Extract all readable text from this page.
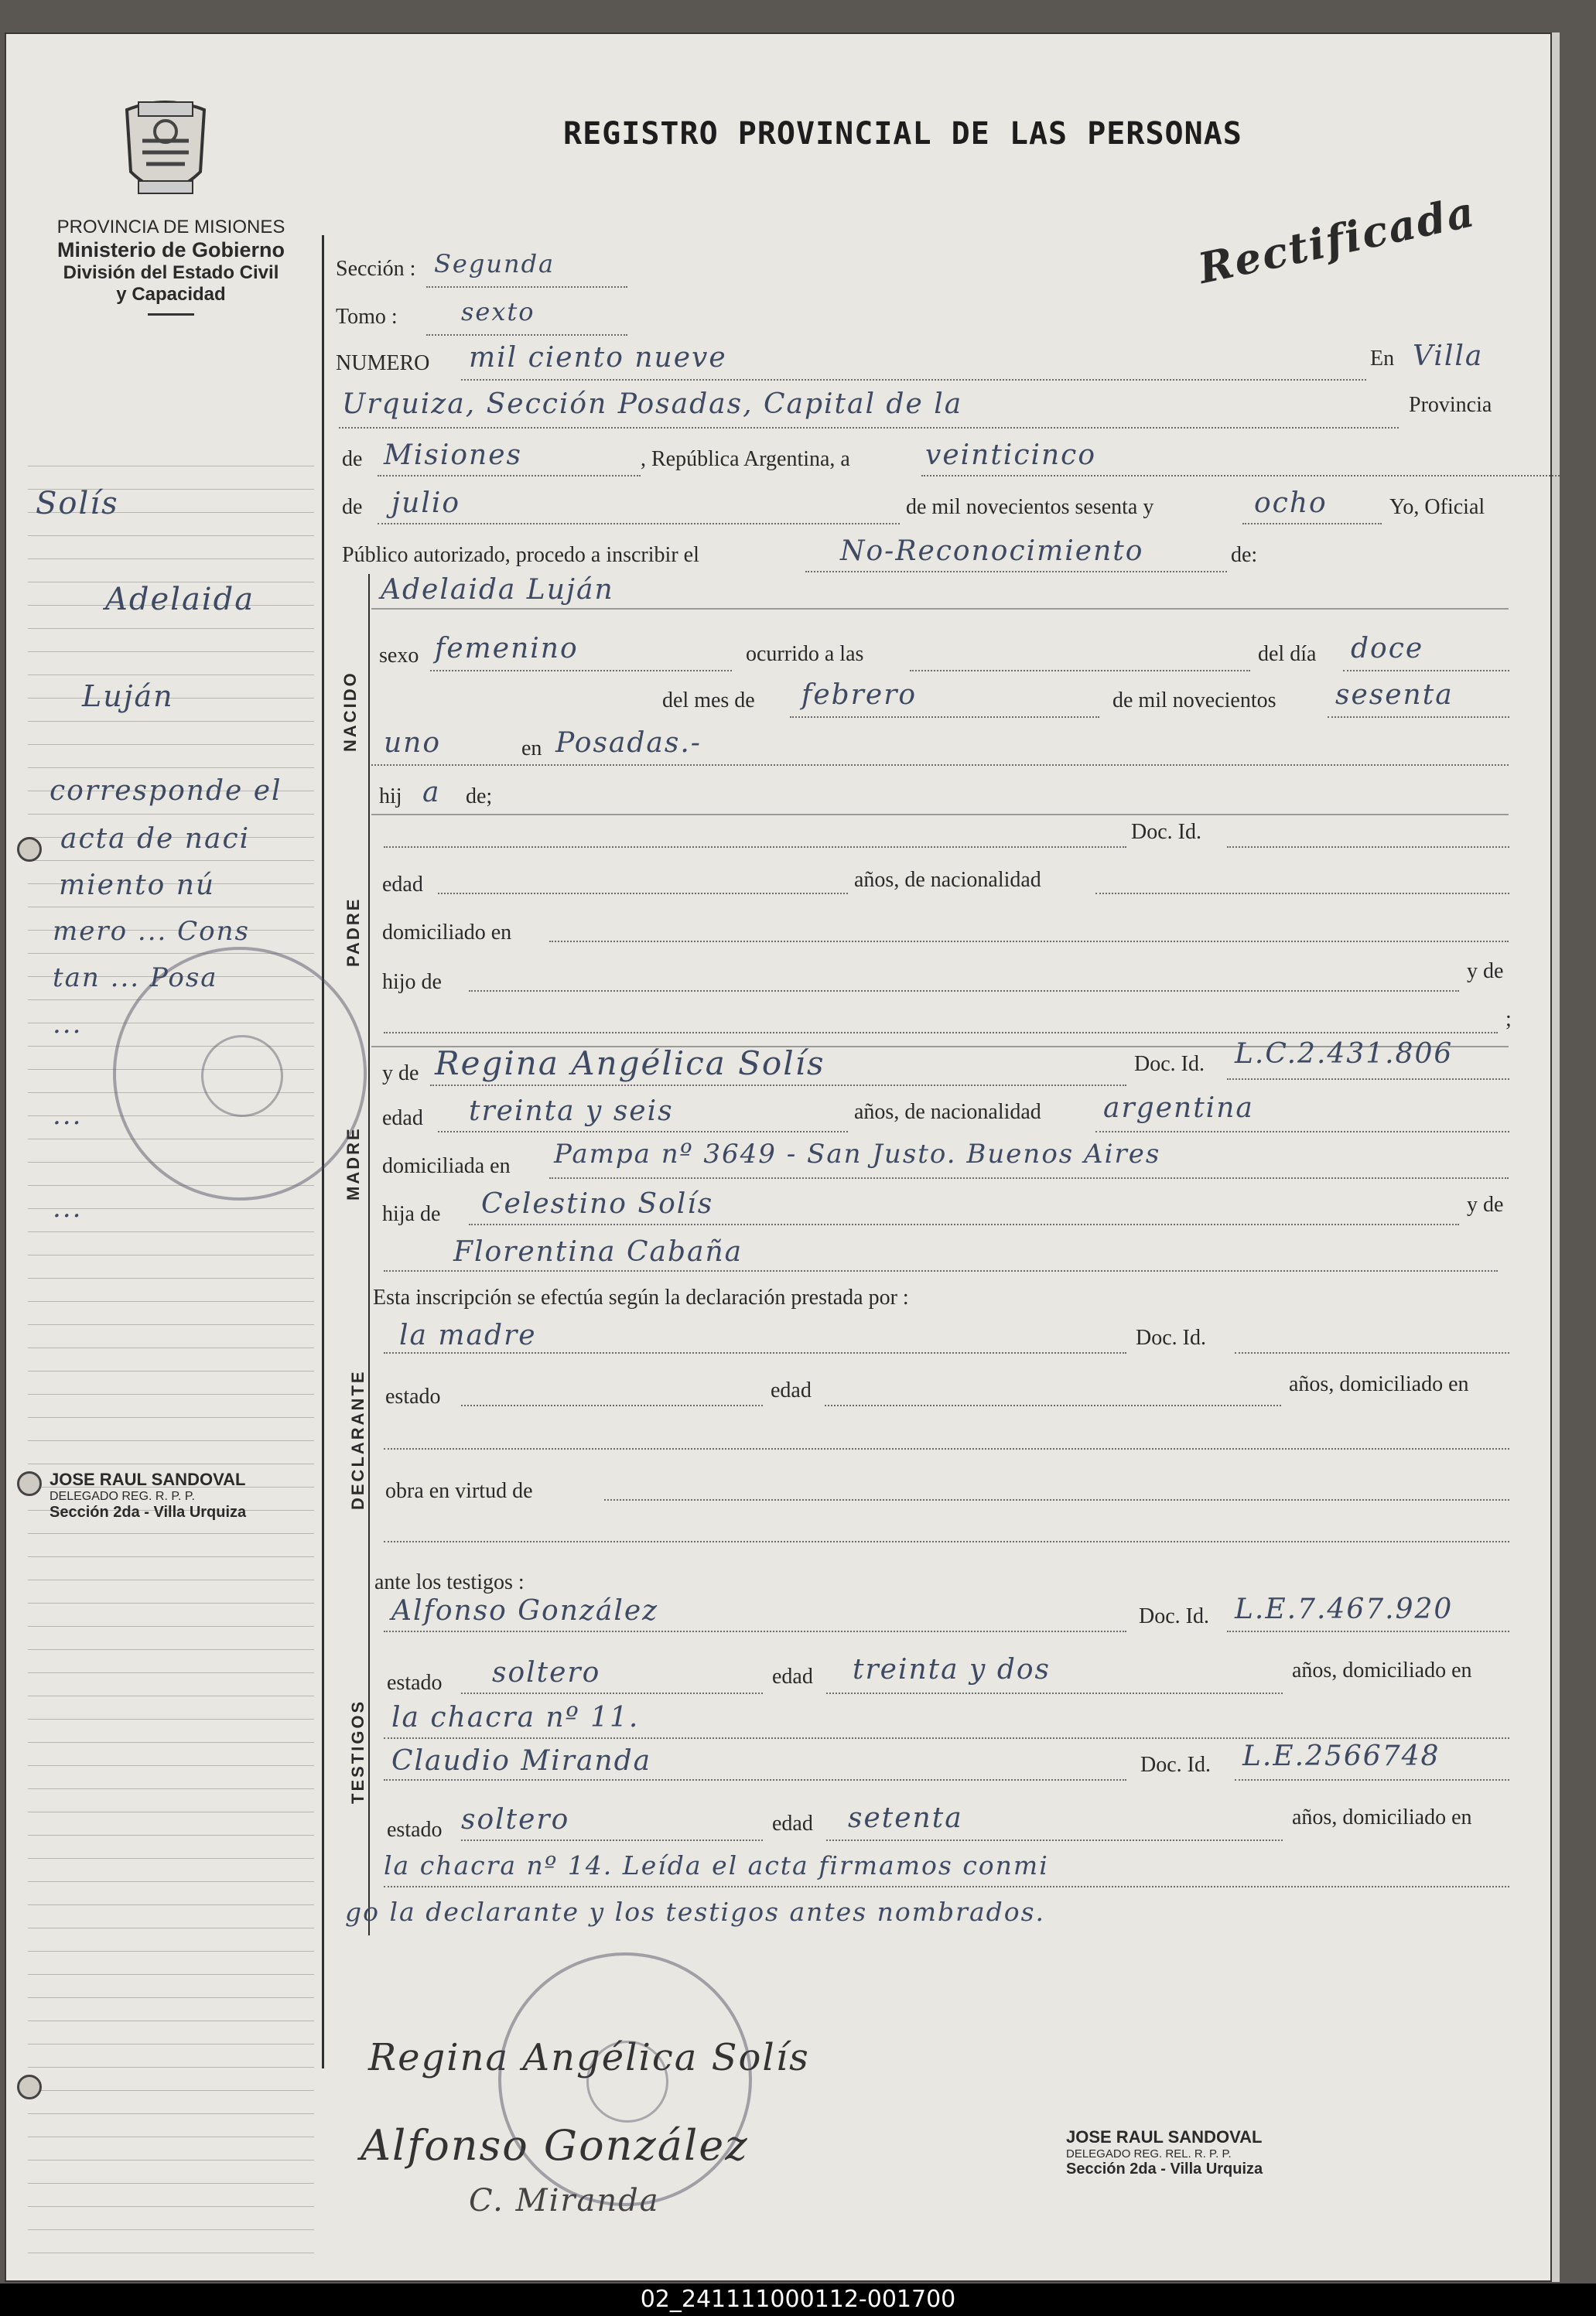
PROVINCIA DE MISIONES
Ministerio de Gobierno
División del Estado Civil
y Capacidad
REGISTRO PROVINCIAL DE LAS PERSONAS
Rectificada
Sección : Segunda
Tomo :	sexto
NUMERO mil ciento nueve	En Villa
Urquiza, Sección Posadas, Capital de la	Provincia
de Misiones	, República Argentina, a	veinticinco
de julio	de mil novecientos sesenta y	ocho	Yo, Oficial
Público autorizado, procedo a inscribir el	No-Reconocimiento	de:
NACIDO
Adelaida Luján
sexo femenino	ocurrido a las	del día doce
del mes de febrero	de mil novecientos sesenta
uno	en Posadas.-
hij a de;
PADRE
Doc. Id.
edad	años, de nacionalidad
domiciliado en
hijo de	y de
;
MADRE
y de Regina Angélica Solís	Doc. Id. L.C.2.431.806
edad treinta y seis	años, de nacionalidad argentina
domiciliada en Pampa nº 3649 - San Justo. Buenos Aires
hija de Celestino Solís	y de
Florentina Cabaña
Esta inscripción se efectúa según la declaración prestada por :
DECLARANTE
la madre	Doc. Id.
estado	edad	años, domiciliado en
obra en virtud de
ante los testigos :
TESTIGOS
Alfonso González	Doc. Id. L.E.7.467.920
estado soltero	edad treinta y dos	años, domiciliado en
la chacra nº 11.
Claudio Miranda	Doc. Id. L.E.2566748
estado soltero	edad setenta	años, domiciliado en
la chacra nº 14. Leída el acta firmamos conmi
go la declarante y los testigos antes nombrados.
Regina Angélica Solís
Alfonso González
C. Miranda
JOSE RAUL SANDOVAL
DELEGADO REG. R. P. P.
Sección 2da - Villa Urquiza
JOSE RAUL SANDOVAL
DELEGADO REG. REL. R. P. P.
Sección 2da - Villa Urquiza
Solís
Adelaida
Luján
corresponde el
acta de naci
miento nú
mero ... Cons
tan ... Posa
...
...
...
02_241111000112-001700
